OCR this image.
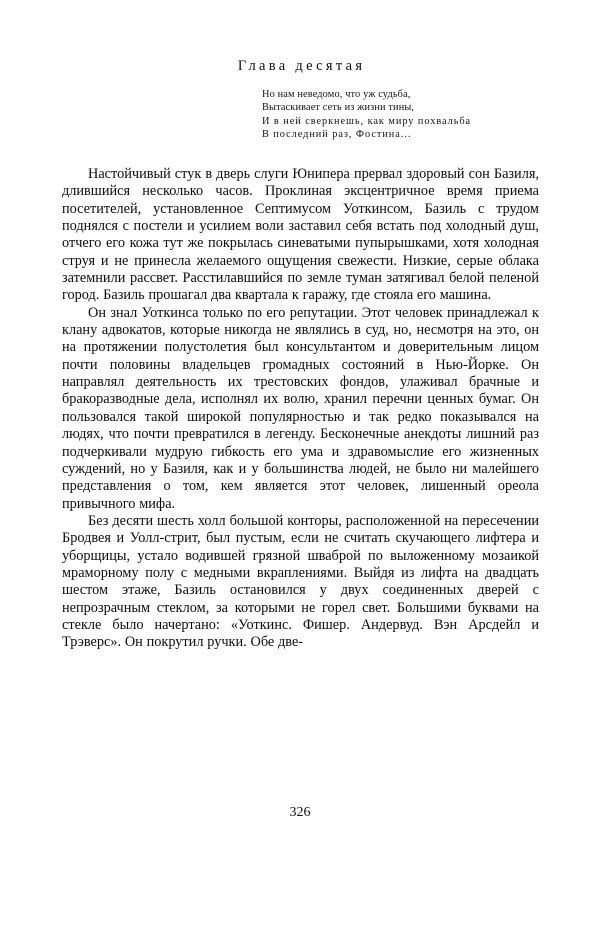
Глава десятая
Но нам неведомо, что уж судьба,
Вытаскивает сеть из жизни тины,
И в ней сверкнешь, как миру похвальба
В последний раз, Фостина...

Настойчивый стук в дверь слуги Юнипера прервал здоровый сон Базиля, длившийся несколько часов. Проклиная эксцентричное время приема посетителей, установленное Септимусом Уоткинсом, Базиль с трудом поднялся с постели и усилием воли заставил себя встать под холодный душ, отчего его кожа тут же покрылась синеватыми пупырышками, хотя холодная струя и не принесла желаемого ощущения свежести. Низкие, серые облака затемнили рассвет. Расстилавшийся по земле туман затягивал белой пеленой город. Базиль прошагал два квартала к гаражу, где стояла его машина.

Он знал Уоткинса только по его репутации. Этот человек принадлежал к клану адвокатов, которые никогда не являлись в суд, но, несмотря на это, он на протяжении полустолетия был консультантом и доверительным лицом почти половины владельцев громадных состояний в Нью-Йорке. Он направлял деятельность их трестовских фондов, улаживал брачные и бракоразводные дела, исполнял их волю, хранил перечни ценных бумаг. Он пользовался такой широкой популярностью и так редко показывался на людях, что почти превратился в легенду. Бесконечные анекдоты лишний раз подчеркивали мудрую гибкость его ума и здравомыслие его жизненных суждений, но у Базиля, как и у большинства людей, не было ни малейшего представления о том, кем является этот человек, лишенный ореола привычного мифа.

Без десяти шесть холл большой конторы, расположенной на пересечении Бродвея и Уолл-стрит, был пустым, если не считать скучающего лифтера и уборщицы, устало водившей грязной шваброй по выложенному мозаикой мраморному полу с медными вкраплениями. Выйдя из лифта на двадцать шестом этаже, Базиль остановился у двух соединенных дверей с непрозрачным стеклом, за которыми не горел свет. Большими буквами на стекле было начертано: «Уоткинс. Фишер. Андервуд. Вэн Арсдейл и Трэверс». Он покрутил ручки. Обе две-

326
